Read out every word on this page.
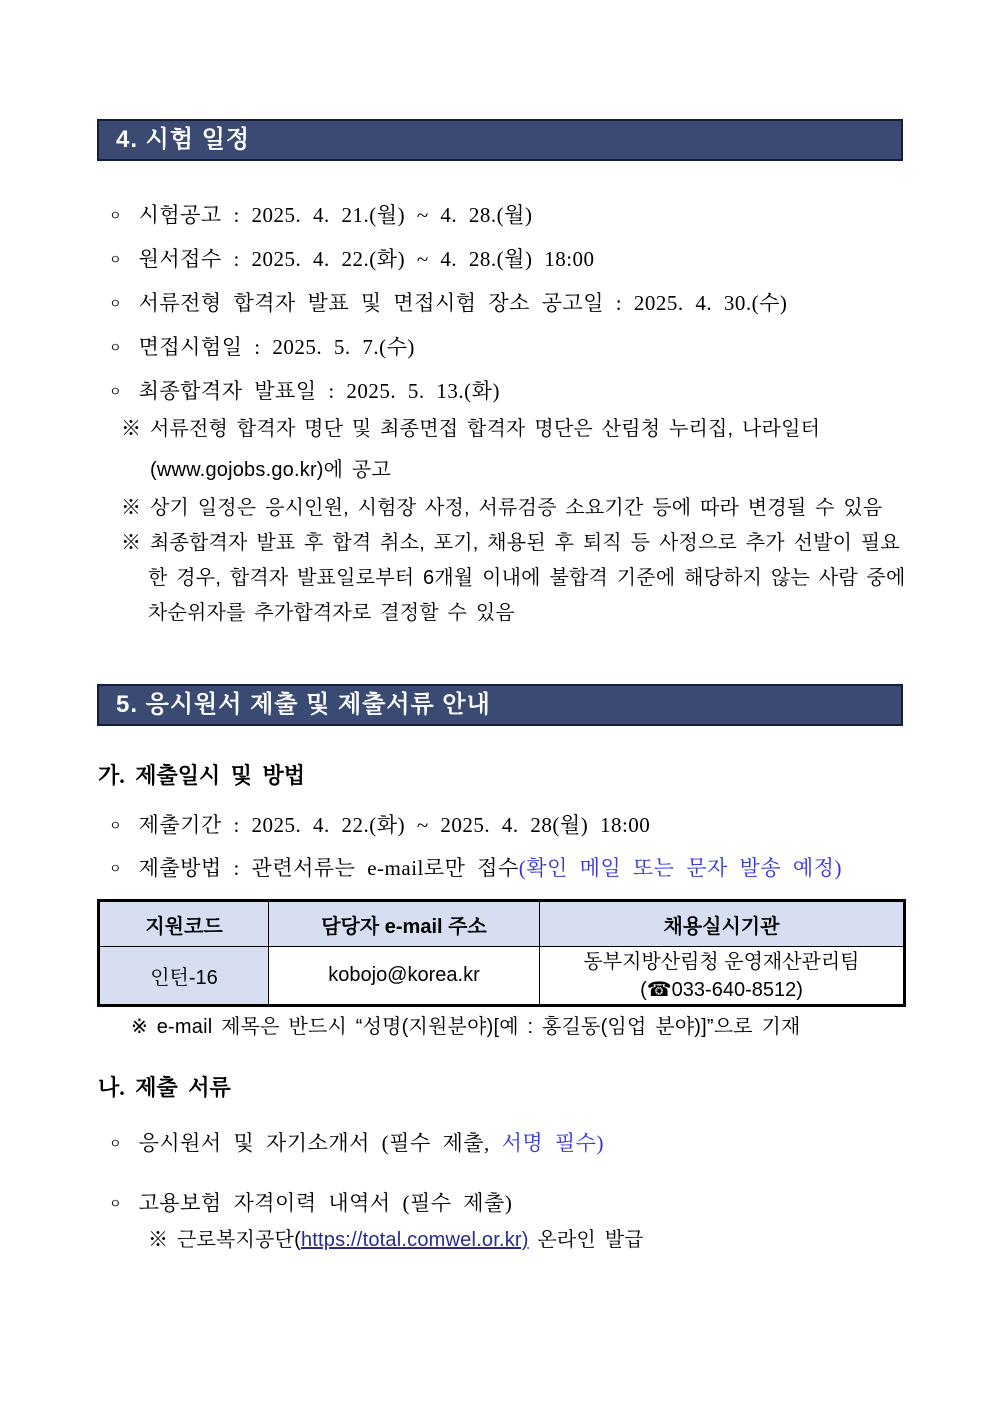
4. 시험 일정
ㅇ 시험공고 : 2025. 4. 21.(월) ~ 4. 28.(월)
ㅇ 원서접수 : 2025. 4. 22.(화) ~ 4. 28.(월) 18:00
ㅇ 서류전형 합격자 발표 및 면접시험 장소 공고일 : 2025. 4. 30.(수)
ㅇ 면접시험일 : 2025. 5. 7.(수)
ㅇ 최종합격자 발표일 : 2025. 5. 13.(화)
※ 서류전형 합격자 명단 및 최종면접 합격자 명단은 산림청 누리집, 나라일터
(www.gojobs.go.kr)에 공고
※ 상기 일정은 응시인원, 시험장 사정, 서류검증 소요기간 등에 따라 변경될 수 있음
※ 최종합격자 발표 후 합격 취소, 포기, 채용된 후 퇴직 등 사정으로 추가 선발이 필요
한 경우, 합격자 발표일로부터 6개월 이내에 불합격 기준에 해당하지 않는 사람 중에
차순위자를 추가합격자로 결정할 수 있음
5. 응시원서 제출 및 제출서류 안내
가. 제출일시 및 방법
ㅇ 제출기간 : 2025. 4. 22.(화) ~ 2025. 4. 28(월) 18:00
ㅇ 제출방법 : 관련서류는 e-mail로만 접수(확인 메일 또는 문자 발송 예정)
지원코드	담당자 e-mail 주소	채용실시기관
인턴-16	kobojo@korea.kr	동부지방산림청 운영재산관리팀
(☎033-640-8512)
※ e-mail 제목은 반드시 “성명(지원분야)[예 : 홍길동(임업 분야)]”으로 기재
나. 제출 서류
ㅇ 응시원서 및 자기소개서 (필수 제출, 서명 필수)
ㅇ 고용보험 자격이력 내역서 (필수 제출)
※ 근로복지공단(https://total.comwel.or.kr) 온라인 발급
